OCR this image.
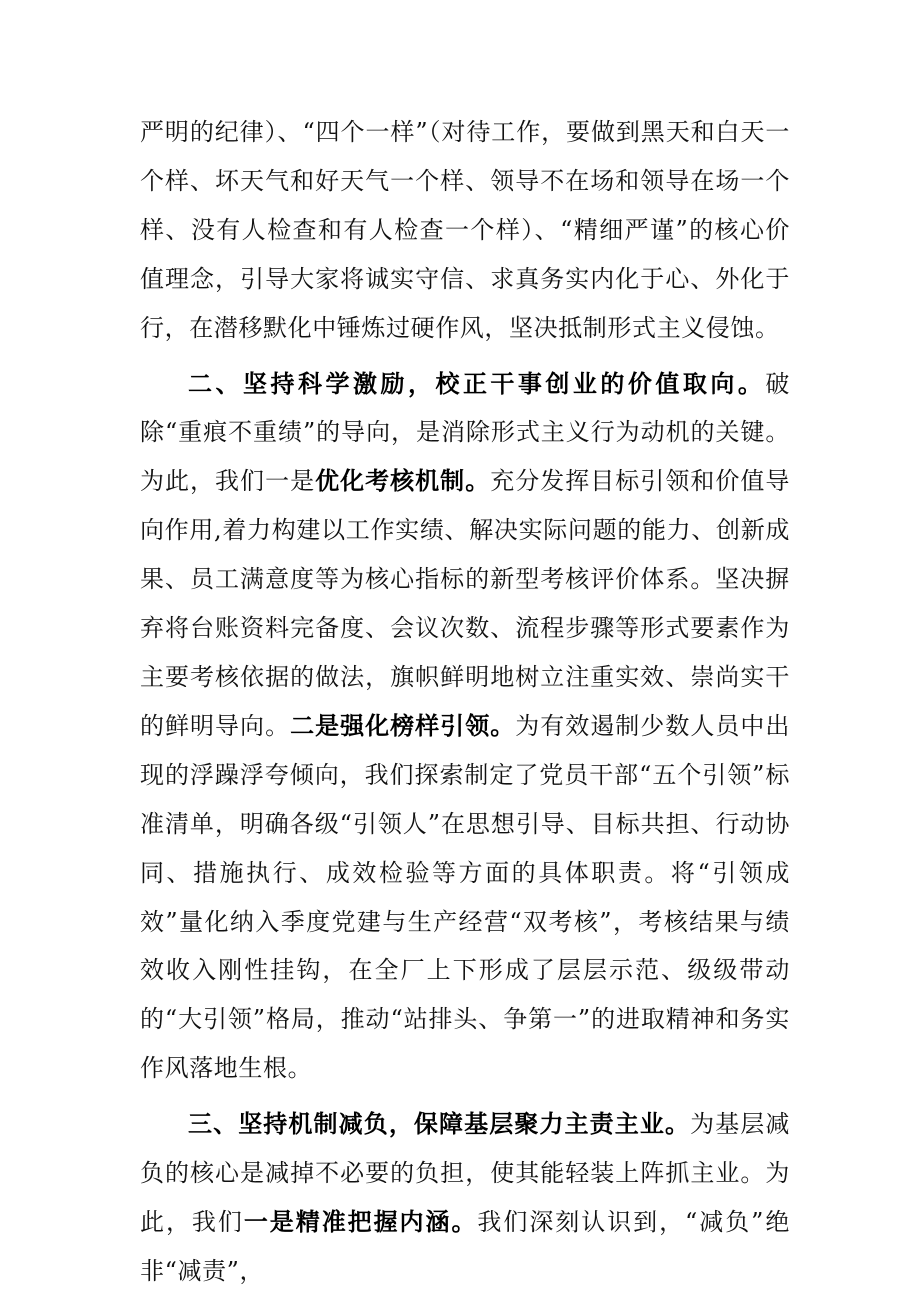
严明的纪律）、“四个一样”（对待工作，要做到黑天和白天一个样、坏天气和好天气一个样、领导不在场和领导在场一个样、没有人检查和有人检查一个样）、“精细严谨”的核心价值理念，引导大家将诚实守信、求真务实内化于心、外化于行，在潜移默化中锤炼过硬作风，坚决抵制形式主义侵蚀。

二、坚持科学激励，校正干事创业的价值取向。破除“重痕不重绩”的导向，是消除形式主义行为动机的关键。为此，我们一是优化考核机制。充分发挥目标引领和价值导向作用,着力构建以工作实绩、解决实际问题的能力、创新成果、员工满意度等为核心指标的新型考核评价体系。坚决摒弃将台账资料完备度、会议次数、流程步骤等形式要素作为主要考核依据的做法，旗帜鲜明地树立注重实效、崇尚实干的鲜明导向。二是强化榜样引领。为有效遏制少数人员中出现的浮躁浮夸倾向，我们探索制定了党员干部“五个引领”标准清单，明确各级“引领人”在思想引导、目标共担、行动协同、措施执行、成效检验等方面的具体职责。将“引领成效”量化纳入季度党建与生产经营“双考核”，考核结果与绩效收入刚性挂钩，在全厂上下形成了层层示范、级级带动的“大引领”格局，推动“站排头、争第一”的进取精神和务实作风落地生根。

三、坚持机制减负，保障基层聚力主责主业。为基层减负的核心是减掉不必要的负担，使其能轻装上阵抓主业。为此，我们一是精准把握内涵。我们深刻认识到，“减负”绝非“减责”，
